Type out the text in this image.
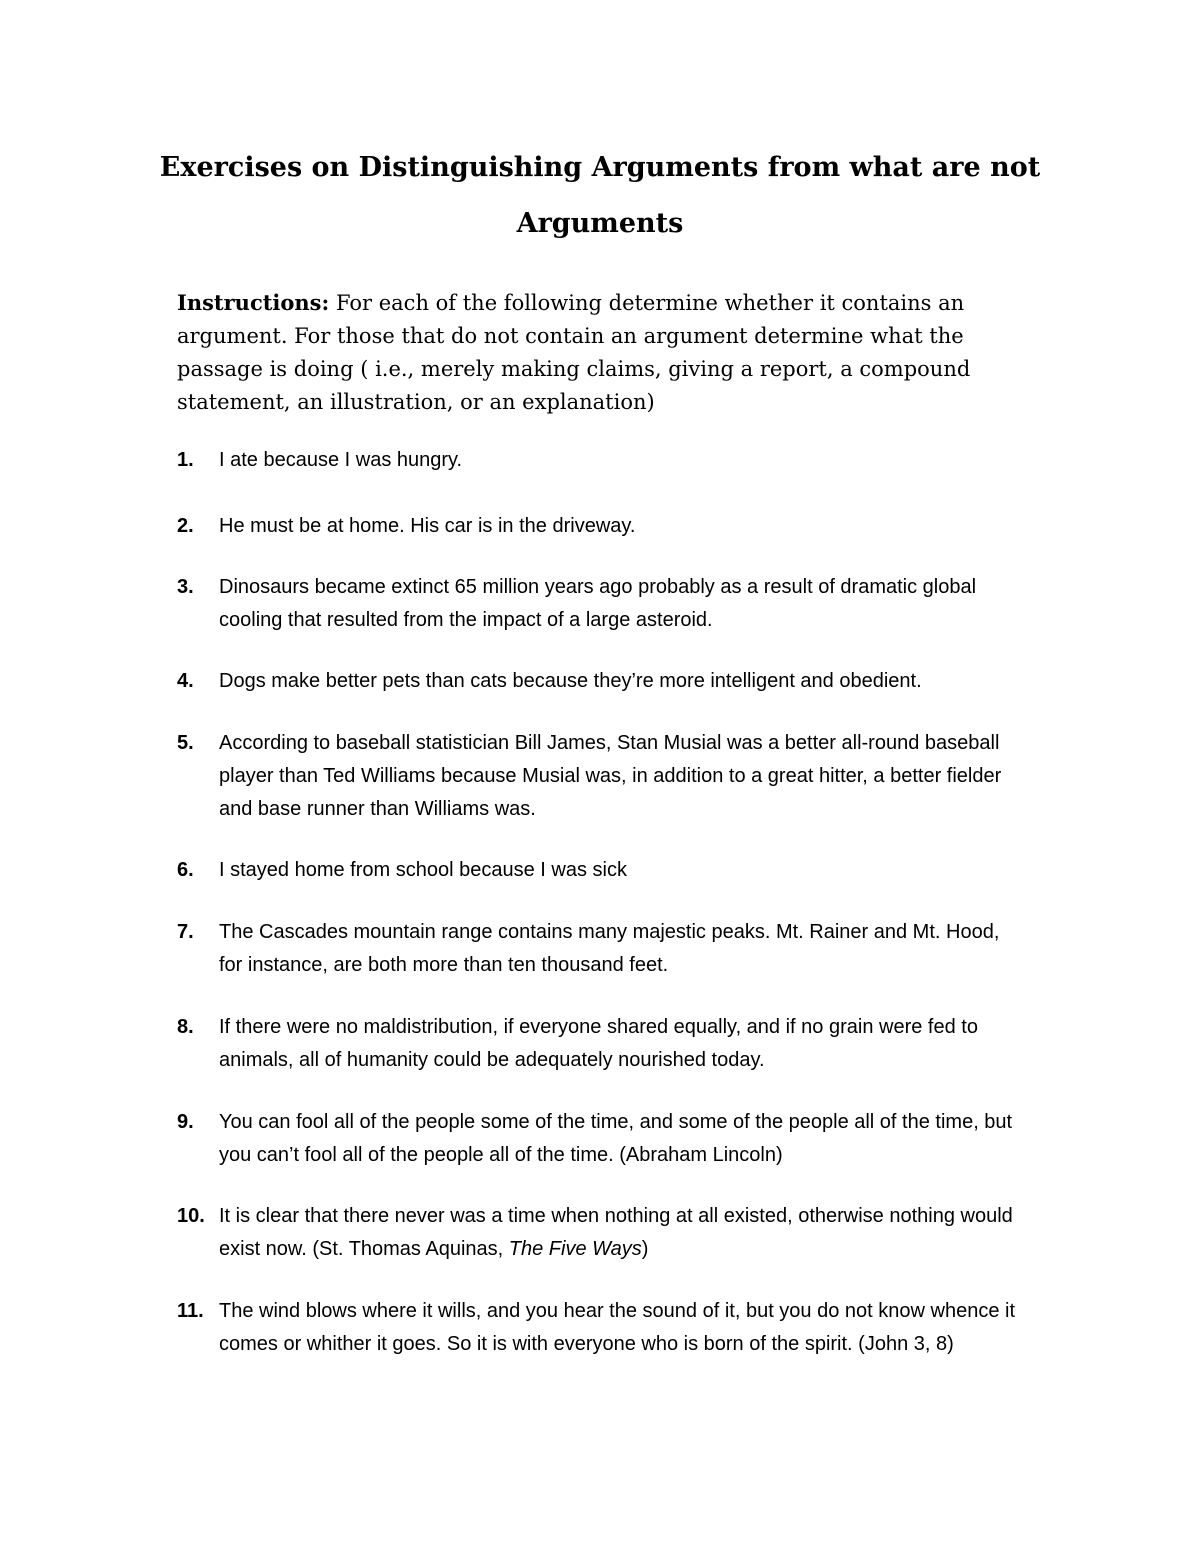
Exercises on Distinguishing Arguments from what are not Arguments

Instructions: For each of the following determine whether it contains an argument. For those that do not contain an argument determine what the passage is doing ( i.e., merely making claims, giving a report, a compound statement, an illustration, or an explanation)

1.	I ate because I was hungry.
2.	He must be at home. His car is in the driveway.
3.	Dinosaurs became extinct 65 million years ago probably as a result of dramatic global cooling that resulted from the impact of a large asteroid.
4.	Dogs make better pets than cats because they’re more intelligent and obedient.
5.	According to baseball statistician Bill James, Stan Musial was a better all-round baseball player than Ted Williams because Musial was, in addition to a great hitter, a better fielder and base runner than Williams was.
6.	I stayed home from school because I was sick
7.	The Cascades mountain range contains many majestic peaks. Mt. Rainer and Mt. Hood, for instance, are both more than ten thousand feet.
8.	If there were no maldistribution, if everyone shared equally, and if no grain were fed to animals, all of humanity could be adequately nourished today.
9.	You can fool all of the people some of the time, and some of the people all of the time, but you can’t fool all of the people all of the time. (Abraham Lincoln)
10. It is clear that there never was a time when nothing at all existed, otherwise nothing would exist now. (St. Thomas Aquinas, The Five Ways)
11. The wind blows where it wills, and you hear the sound of it, but you do not know whence it comes or whither it goes. So it is with everyone who is born of the spirit. (John 3, 8)
